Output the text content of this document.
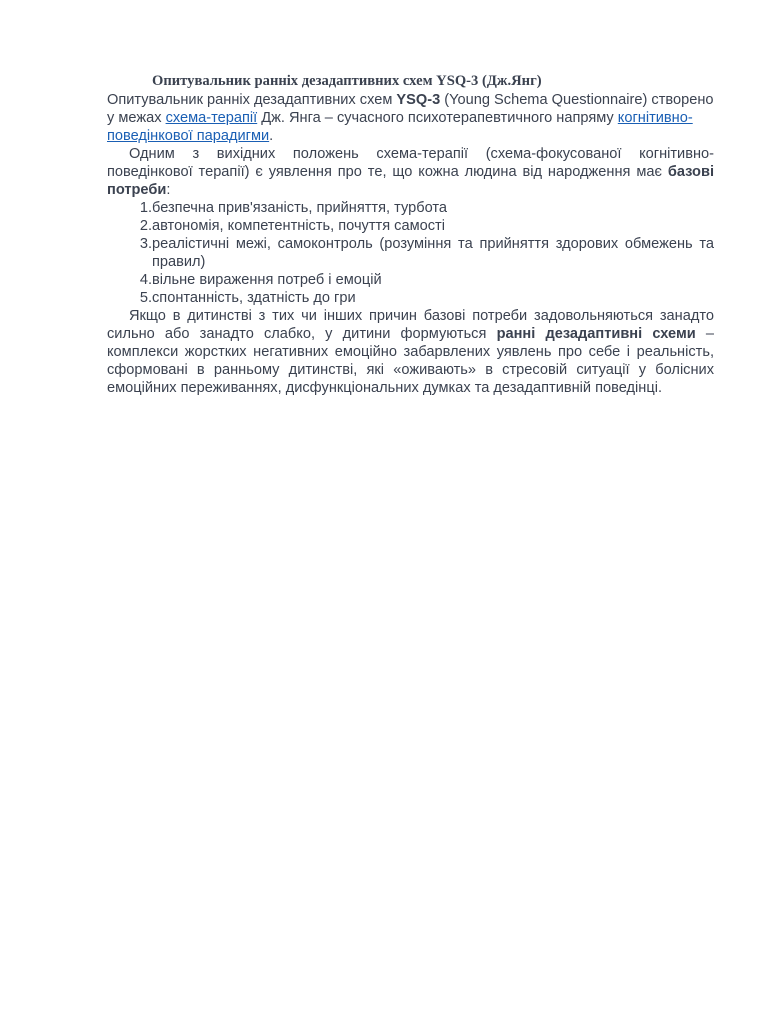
Опитувальник ранніх дезадаптивних схем YSQ-3 (Дж.Янг)

Опитувальник ранніх дезадаптивних схем YSQ-3 (Young Schema Questionnaire) створено у межах схема-терапії Дж. Янга – сучасного психотерапевтичного напряму когнітивно-поведінкової парадигми.

Одним з вихідних положень схема-терапії (схема-фокусованої когнітивно-поведінкової терапії) є уявлення про те, що кожна людина від народження має базові потреби:

1. безпечна прив'язаність, прийняття, турбота
2. автономія, компетентність, почуття самості
3. реалістичні межі, самоконтроль (розуміння та прийняття здорових обмежень та правил)
4. вільне вираження потреб і емоцій
5. спонтанність, здатність до гри

Якщо в дитинстві з тих чи інших причин базові потреби задовольняються занадто сильно або занадто слабко, у дитини формуються ранні дезадаптивні схеми – комплекси жорстких негативних емоційно забарвлених уявлень про себе і реальність, сформовані в ранньому дитинстві, які «оживають» в стресовій ситуації у болісних емоційних переживаннях, дисфункціональних думках та дезадаптивній поведінці.
